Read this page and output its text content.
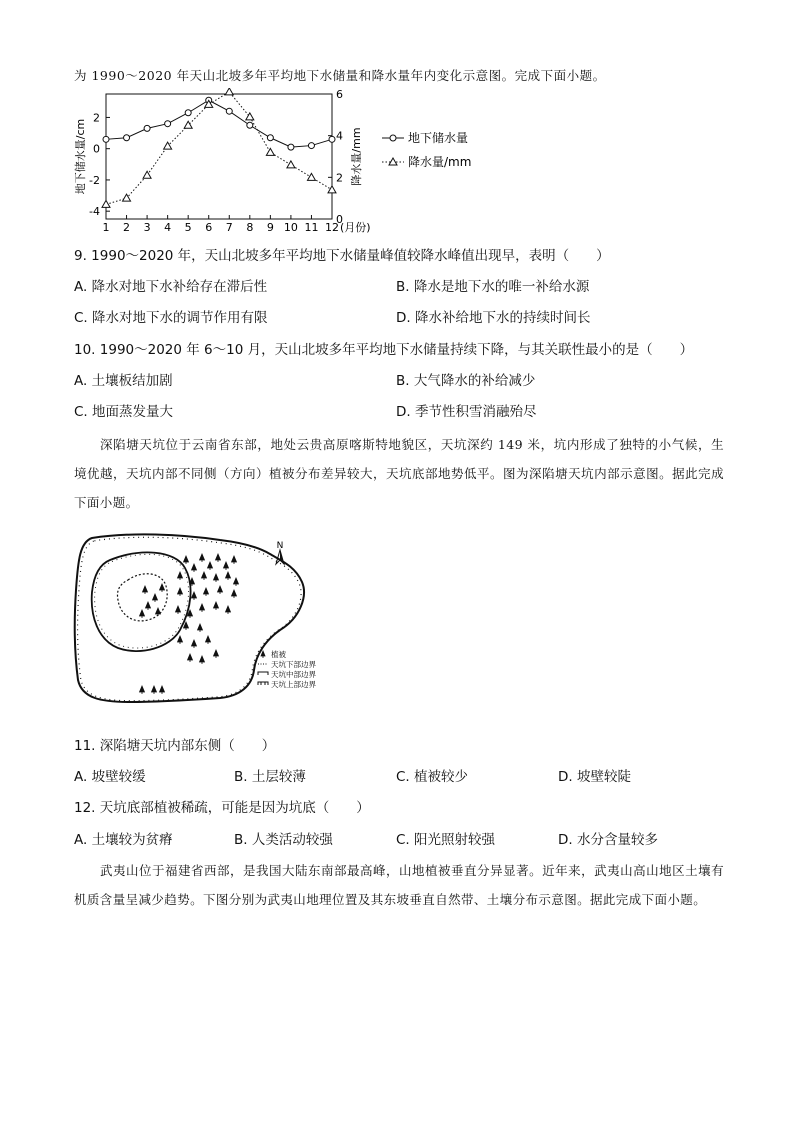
为 1990～2020 年天山北坡多年平均地下水储量和降水量年内变化示意图。完成下面小题。
2
0
-2
-4
6
4
2
0
1 2 3 4 5 6 7 8 9 10 11 12 (月份)
地下储水量/cm	降水量/mm	地下储水量
降水量/mm
9. 1990～2020 年，天山北坡多年平均地下水储量峰值较降水峰值出现早，表明（　　）
A. 降水对地下水补给存在滞后性	B. 降水是地下水的唯一补给水源
C. 降水对地下水的调节作用有限	D. 降水补给地下水的持续时间长
10. 1990～2020 年 6～10 月，天山北坡多年平均地下水储量持续下降，与其关联性最小的是（　　）
A. 土壤板结加剧	B. 大气降水的补给减少
C. 地面蒸发量大	D. 季节性积雪消融殆尽
深陷塘天坑位于云南省东部，地处云贵高原喀斯特地貌区，天坑深约 149 米，坑内形成了独特的小气候，生境优越，天坑内部不同侧（方向）植被分布差异较大，天坑底部地势低平。图为深陷塘天坑内部示意图。据此完成下面小题。
N
植被
天坑下部边界
天坑中部边界
天坑上部边界
11. 深陷塘天坑内部东侧（　　）
A. 坡壁较缓	B. 土层较薄	C. 植被较少	D. 坡壁较陡
12. 天坑底部植被稀疏，可能是因为坑底（　　）
A. 土壤较为贫瘠	B. 人类活动较强	C. 阳光照射较强	D. 水分含量较多
武夷山位于福建省西部，是我国大陆东南部最高峰，山地植被垂直分异显著。近年来，武夷山高山地区土壤有机质含量呈减少趋势。下图分别为武夷山地理位置及其东坡垂直自然带、土壤分布示意图。据此完成下面小题。
